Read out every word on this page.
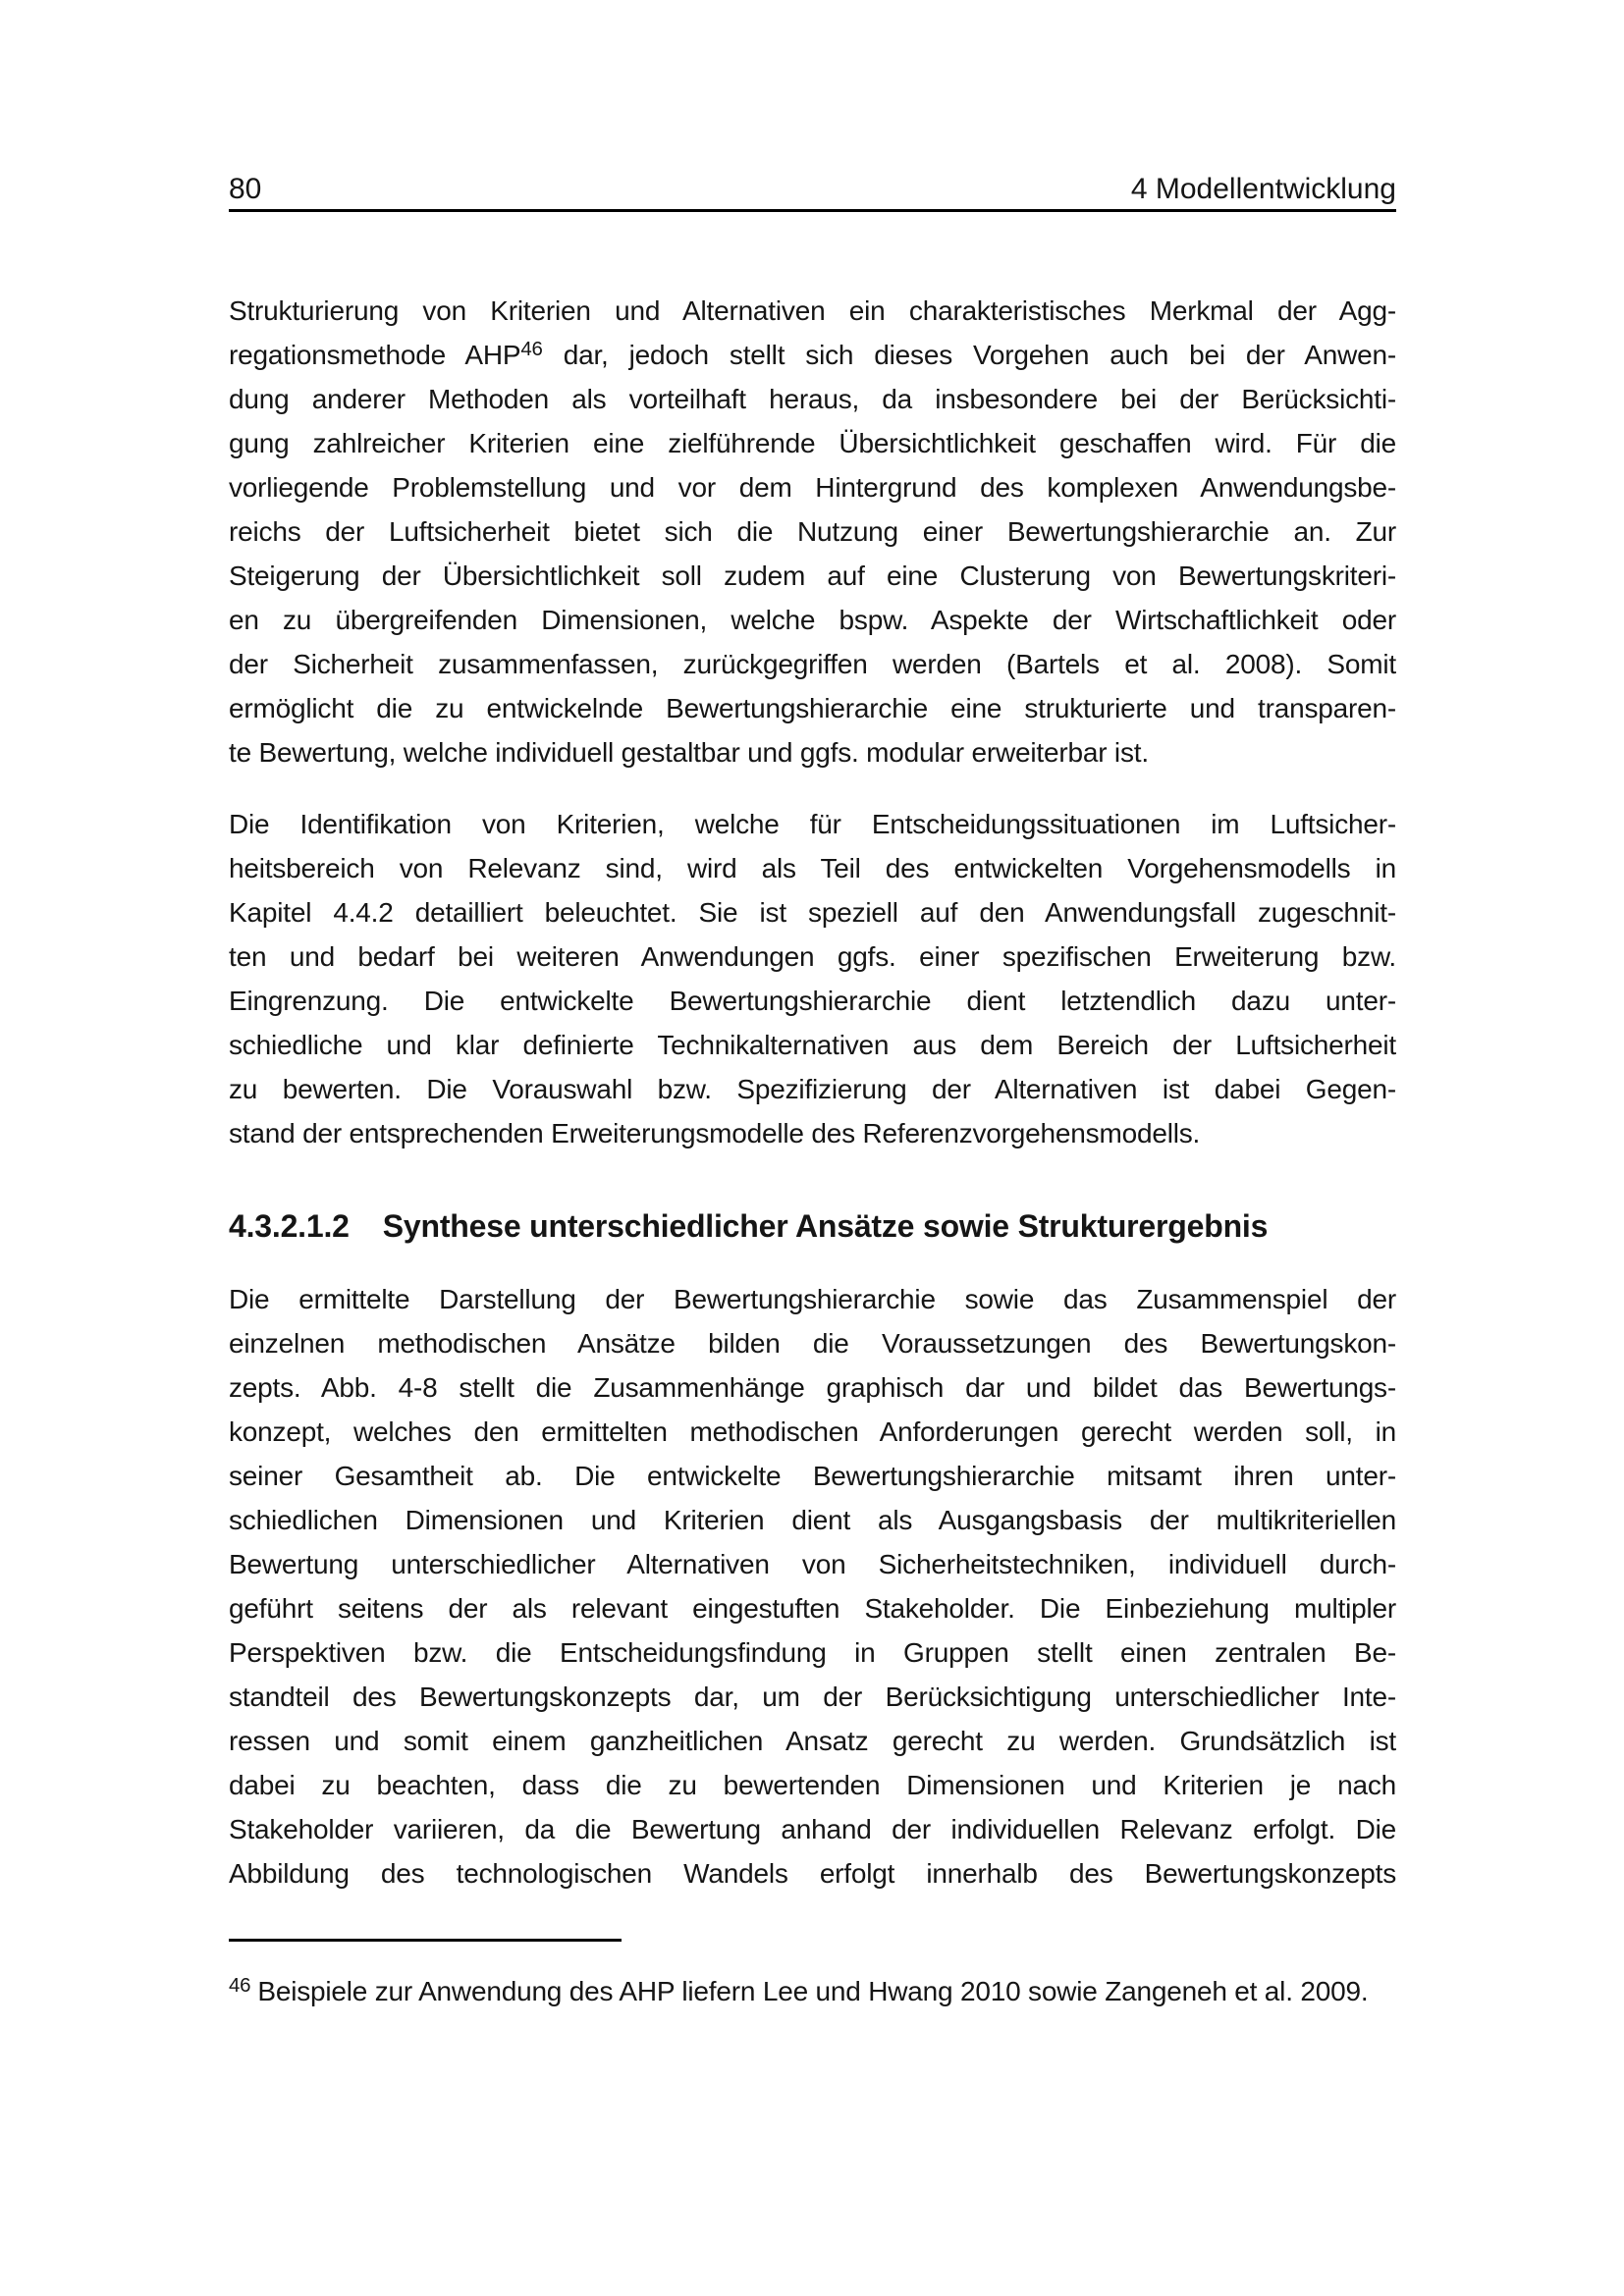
80	4 Modellentwicklung
Strukturierung von Kriterien und Alternativen ein charakteristisches Merkmal der Agg-
regationsmethode AHP$^{46}$ dar, jedoch stellt sich dieses Vorgehen auch bei der Anwen-
dung anderer Methoden als vorteilhaft heraus, da insbesondere bei der Berücksichti-
gung zahlreicher Kriterien eine zielführende Übersichtlichkeit geschaffen wird. Für die
vorliegende Problemstellung und vor dem Hintergrund des komplexen Anwendungsbe-
reichs der Luftsicherheit bietet sich die Nutzung einer Bewertungshierarchie an. Zur
Steigerung der Übersichtlichkeit soll zudem auf eine Clusterung von Bewertungskriteri-
en zu übergreifenden Dimensionen, welche bspw. Aspekte der Wirtschaftlichkeit oder
der Sicherheit zusammenfassen, zurückgegriffen werden (Bartels et al. 2008). Somit
ermöglicht die zu entwickelnde Bewertungshierarchie eine strukturierte und transparen-
te Bewertung, welche individuell gestaltbar und ggfs. modular erweiterbar ist.
Die Identifikation von Kriterien, welche für Entscheidungssituationen im Luftsicher-
heitsbereich von Relevanz sind, wird als Teil des entwickelten Vorgehensmodells in
Kapitel 4.4.2 detailliert beleuchtet. Sie ist speziell auf den Anwendungsfall zugeschnit-
ten und bedarf bei weiteren Anwendungen ggfs. einer spezifischen Erweiterung bzw.
Eingrenzung. Die entwickelte Bewertungshierarchie dient letztendlich dazu unter-
schiedliche und klar definierte Technikalternativen aus dem Bereich der Luftsicherheit
zu bewerten. Die Vorauswahl bzw. Spezifizierung der Alternativen ist dabei Gegen-
stand der entsprechenden Erweiterungsmodelle des Referenzvorgehensmodells.
4.3.2.1.2 Synthese unterschiedlicher Ansätze sowie Strukturergebnis
Die ermittelte Darstellung der Bewertungshierarchie sowie das Zusammenspiel der
einzelnen methodischen Ansätze bilden die Voraussetzungen des Bewertungskon-
zepts. Abb. 4-8 stellt die Zusammenhänge graphisch dar und bildet das Bewertungs-
konzept, welches den ermittelten methodischen Anforderungen gerecht werden soll, in
seiner Gesamtheit ab. Die entwickelte Bewertungshierarchie mitsamt ihren unter-
schiedlichen Dimensionen und Kriterien dient als Ausgangsbasis der multikriteriellen
Bewertung unterschiedlicher Alternativen von Sicherheitstechniken, individuell durch-
geführt seitens der als relevant eingestuften Stakeholder. Die Einbeziehung multipler
Perspektiven bzw. die Entscheidungsfindung in Gruppen stellt einen zentralen Be-
standteil des Bewertungskonzepts dar, um der Berücksichtigung unterschiedlicher Inte-
ressen und somit einem ganzheitlichen Ansatz gerecht zu werden. Grundsätzlich ist
dabei zu beachten, dass die zu bewertenden Dimensionen und Kriterien je nach
Stakeholder variieren, da die Bewertung anhand der individuellen Relevanz erfolgt. Die
Abbildung des technologischen Wandels erfolgt innerhalb des Bewertungskonzepts
$^{46}$ Beispiele zur Anwendung des AHP liefern Lee und Hwang 2010 sowie Zangeneh et al. 2009.
